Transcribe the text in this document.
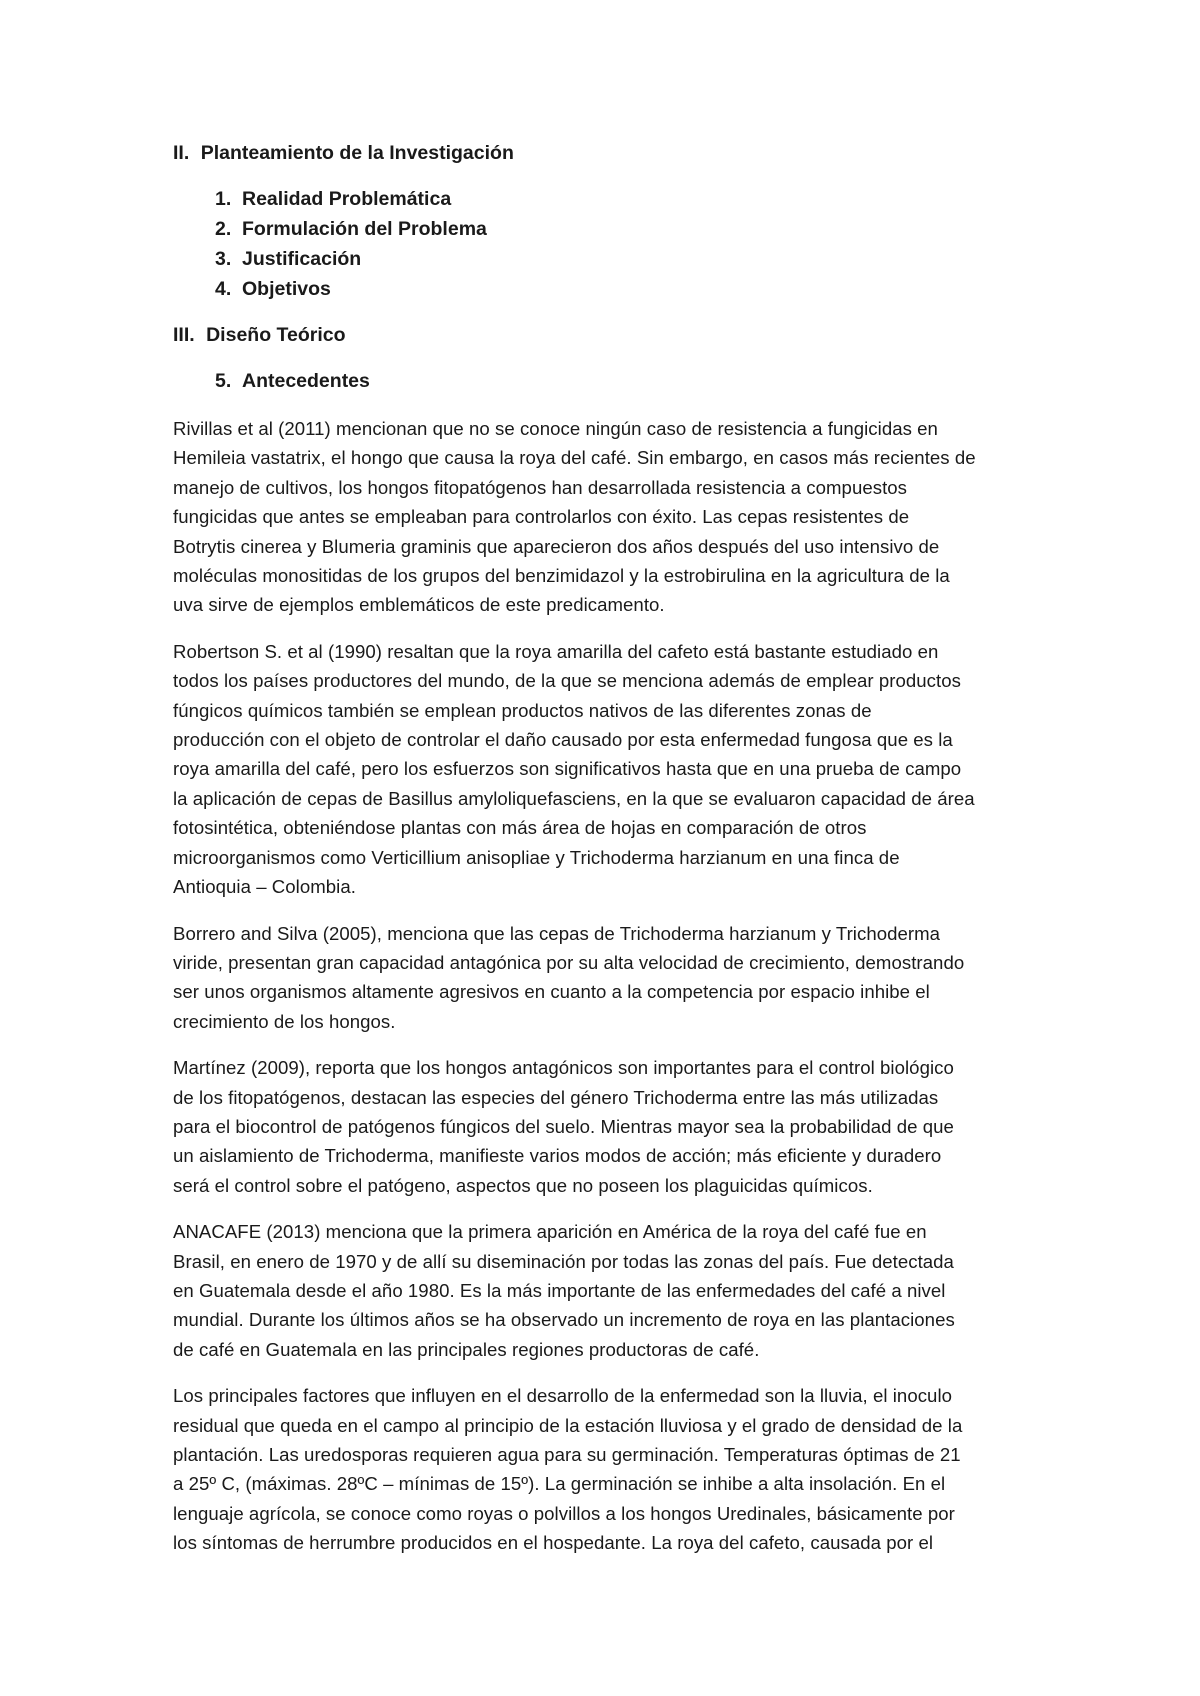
II. Planteamiento de la Investigación
1. Realidad Problemática
2. Formulación del Problema
3. Justificación
4. Objetivos
III. Diseño Teórico
5. Antecedentes

Rivillas et al (2011) mencionan que no se conoce ningún caso de resistencia a fungicidas en
Hemileia vastatrix, el hongo que causa la roya del café. Sin embargo, en casos más recientes de
manejo de cultivos, los hongos fitopatógenos han desarrollada resistencia a compuestos
fungicidas que antes se empleaban para controlarlos con éxito. Las cepas resistentes de
Botrytis cinerea y Blumeria graminis que aparecieron dos años después del uso intensivo de
moléculas monositidas de los grupos del benzimidazol y la estrobirulina en la agricultura de la
uva sirve de ejemplos emblemáticos de este predicamento.

Robertson S. et al (1990) resaltan que la roya amarilla del cafeto está bastante estudiado en
todos los países productores del mundo, de la que se menciona además de emplear productos
fúngicos químicos también se emplean productos nativos de las diferentes zonas de
producción con el objeto de controlar el daño causado por esta enfermedad fungosa que es la
roya amarilla del café, pero los esfuerzos son significativos hasta que en una prueba de campo
la aplicación de cepas de Basillus amyloliquefasciens, en la que se evaluaron capacidad de área
fotosintética, obteniéndose plantas con más área de hojas en comparación de otros
microorganismos como Verticillium anisopliae y Trichoderma harzianum en una finca de
Antioquia – Colombia.

Borrero and Silva (2005), menciona que las cepas de Trichoderma harzianum y Trichoderma
viride, presentan gran capacidad antagónica por su alta velocidad de crecimiento, demostrando
ser unos organismos altamente agresivos en cuanto a la competencia por espacio inhibe el
crecimiento de los hongos.

Martínez (2009), reporta que los hongos antagónicos son importantes para el control biológico
de los fitopatógenos, destacan las especies del género Trichoderma entre las más utilizadas
para el biocontrol de patógenos fúngicos del suelo. Mientras mayor sea la probabilidad de que
un aislamiento de Trichoderma, manifieste varios modos de acción; más eficiente y duradero
será el control sobre el patógeno, aspectos que no poseen los plaguicidas químicos.

ANACAFE (2013) menciona que la primera aparición en América de la roya del café fue en
Brasil, en enero de 1970 y de allí su diseminación por todas las zonas del país. Fue detectada
en Guatemala desde el año 1980. Es la más importante de las enfermedades del café a nivel
mundial. Durante los últimos años se ha observado un incremento de roya en las plantaciones
de café en Guatemala en las principales regiones productoras de café.

Los principales factores que influyen en el desarrollo de la enfermedad son la lluvia, el inoculo
residual que queda en el campo al principio de la estación lluviosa y el grado de densidad de la
plantación. Las uredosporas requieren agua para su germinación. Temperaturas óptimas de 21
a 25º C, (máximas. 28ºC – mínimas de 15º). La germinación se inhibe a alta insolación. En el
lenguaje agrícola, se conoce como royas o polvillos a los hongos Uredinales, básicamente por
los síntomas de herrumbre producidos en el hospedante. La roya del cafeto, causada por el
